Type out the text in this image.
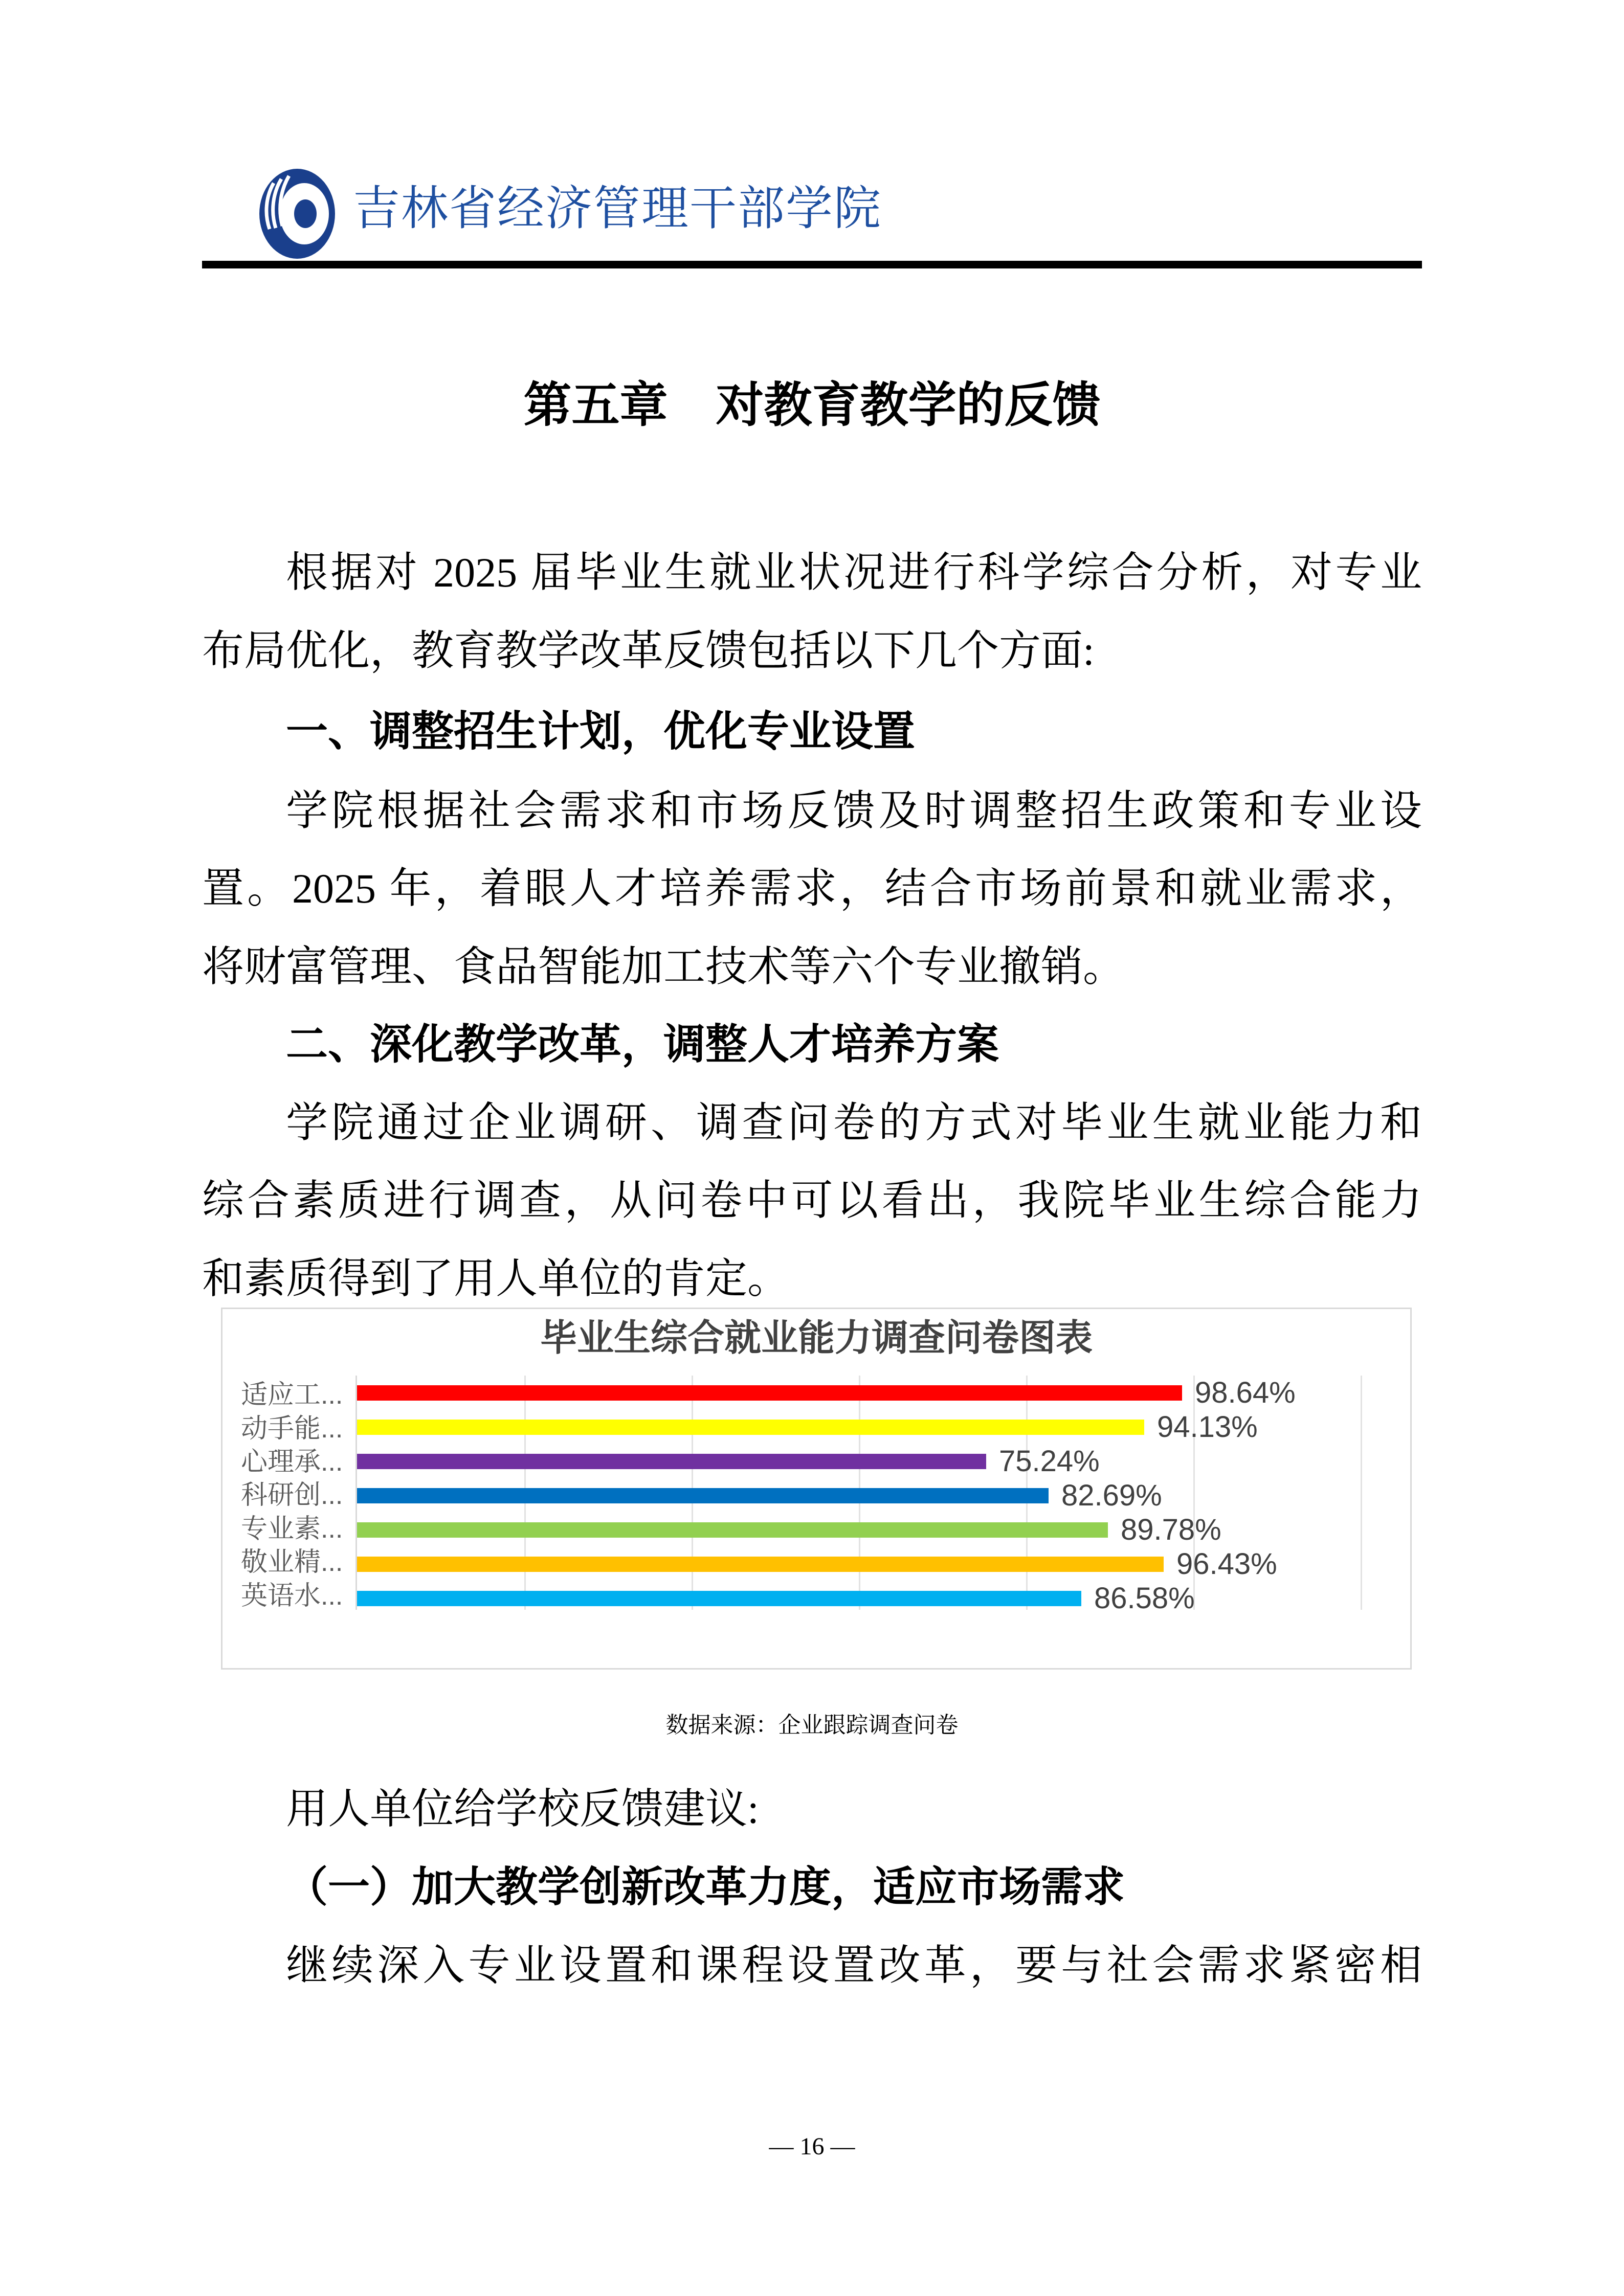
吉林省经济管理干部学院
第五章　对教育教学的反馈
根据对 2025 届毕业生就业状况进行科学综合分析，对专业
布局优化，教育教学改革反馈包括以下几个方面:
一、调整招生计划，优化专业设置
学院根据社会需求和市场反馈及时调整招生政策和专业设
置。2025 年，着眼人才培养需求，结合市场前景和就业需求，
将财富管理、食品智能加工技术等六个专业撤销。
二、深化教学改革，调整人才培养方案
学院通过企业调研、调查问卷的方式对毕业生就业能力和
综合素质进行调查，从问卷中可以看出，我院毕业生综合能力
和素质得到了用人单位的肯定。
毕业生综合就业能力调查问卷图表
适应工...
动手能...
心理承...
科研创...
专业素...
敬业精...
英语水...
98.64%
94.13%
75.24%
82.69%
89.78%
96.43%
86.58%
数据来源：企业跟踪调查问卷
用人单位给学校反馈建议:
（一）加大教学创新改革力度，适应市场需求
继续深入专业设置和课程设置改革，要与社会需求紧密相
— 16 —
